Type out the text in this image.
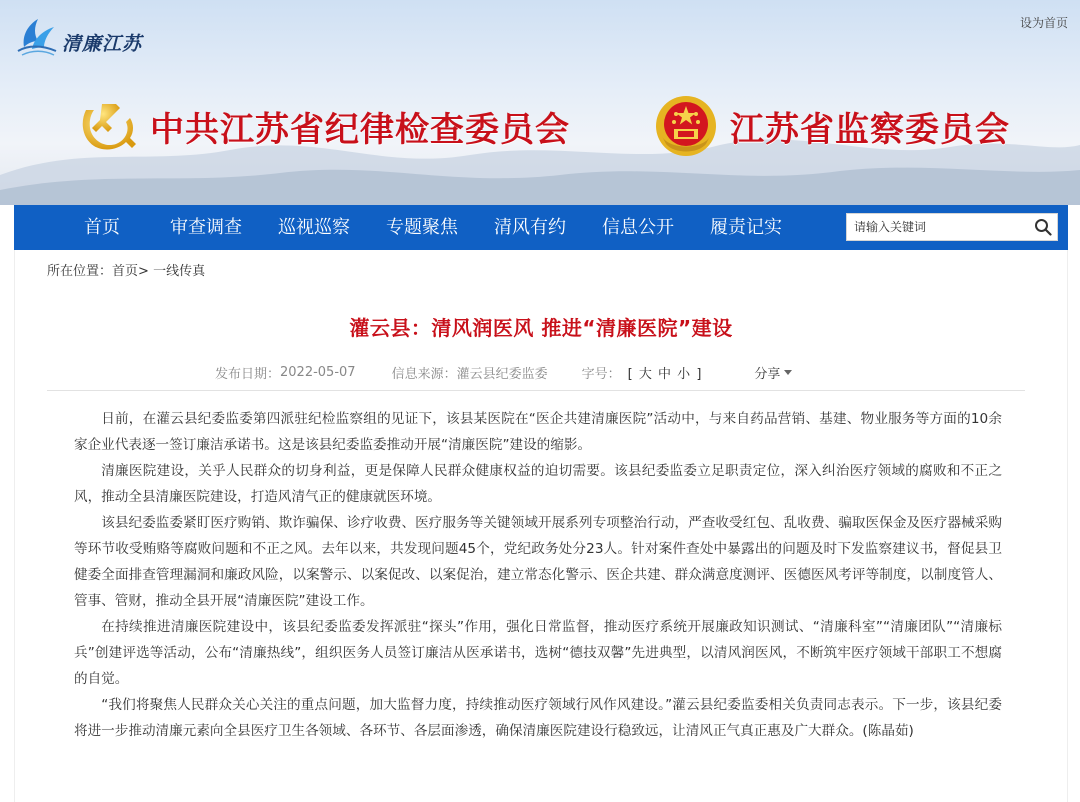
清廉江苏
设为首页
中共江苏省纪律检查委员会	江苏省监察委员会
首页	审查调查	巡视巡察	专题聚焦	清风有约	信息公开	履责记实
请输入关键词
所在位置：首页> 一线传真
灌云县：清风润医风 推进“清廉医院”建设
发布日期： 2022-05-07	信息来源： 灌云县纪委监委	字号： [ 大 中 小 ]	分享

日前，在灌云县纪委监委第四派驻纪检监察组的见证下，该县某医院在“医企共建清廉医院”活动中，与来自药品营销、基建、物业服务等方面的10余家企业代表逐一签订廉洁承诺书。这是该县纪委监委推动开展“清廉医院”建设的缩影。

清廉医院建设，关乎人民群众的切身利益，更是保障人民群众健康权益的迫切需要。该县纪委监委立足职责定位，深入纠治医疗领域的腐败和不正之风，推动全县清廉医院建设，打造风清气正的健康就医环境。

该县纪委监委紧盯医疗购销、欺诈骗保、诊疗收费、医疗服务等关键领域开展系列专项整治行动，严查收受红包、乱收费、骗取医保金及医疗器械采购等环节收受贿赂等腐败问题和不正之风。去年以来，共发现问题45个，党纪政务处分23人。针对案件查处中暴露出的问题及时下发监察建议书，督促县卫健委全面排查管理漏洞和廉政风险，以案警示、以案促改、以案促治，建立常态化警示、医企共建、群众满意度测评、医德医风考评等制度，以制度管人、管事、管财，推动全县开展“清廉医院”建设工作。

在持续推进清廉医院建设中，该县纪委监委发挥派驻“探头”作用，强化日常监督，推动医疗系统开展廉政知识测试、“清廉科室”“清廉团队”“清廉标兵”创建评选等活动，公布“清廉热线”，组织医务人员签订廉洁从医承诺书，选树“德技双馨”先进典型，以清风润医风，不断筑牢医疗领域干部职工不想腐的自觉。

“我们将聚焦人民群众关心关注的重点问题，加大监督力度，持续推动医疗领域行风作风建设。”灌云县纪委监委相关负责同志表示。下一步，该县纪委将进一步推动清廉元素向全县医疗卫生各领域、各环节、各层面渗透，确保清廉医院建设行稳致远，让清风正气真正惠及广大群众。(陈晶茹)
